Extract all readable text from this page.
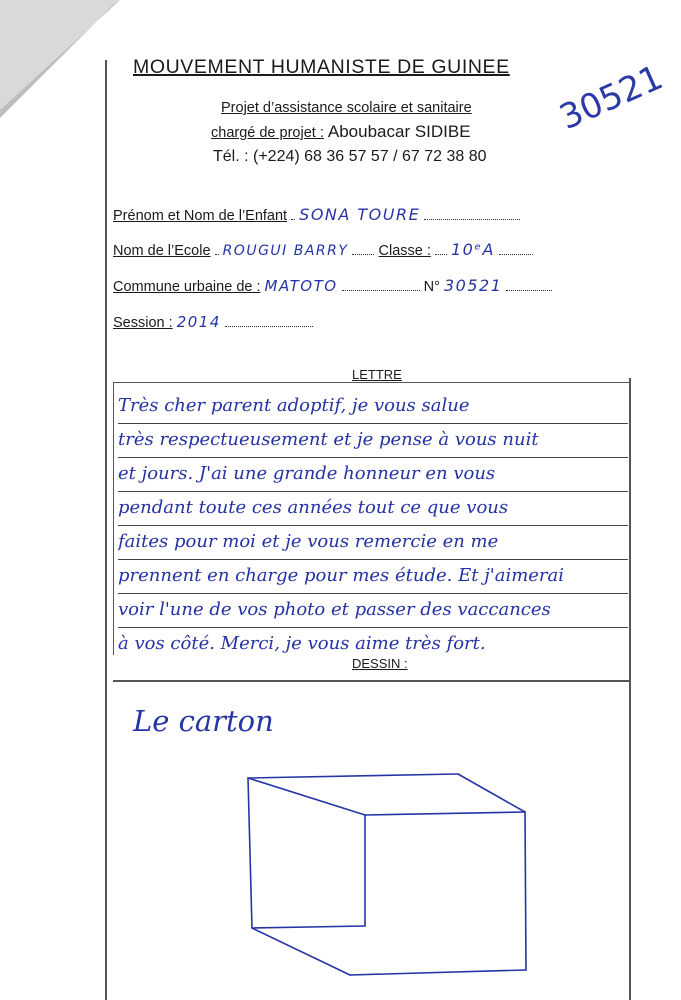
MOUVEMENT HUMANISTE DE GUINEE
Projet d’assistance scolaire et sanitaire
chargé de projet : Aboubacar SIDIBE
Tél. : (+224) 68 36 57 57 / 67 72 38 80
30521
Prénom et Nom de l’Enfant SONA TOURE
Nom de l’Ecole ROUGUI BARRY Classe : 10ᵉA
Commune urbaine de : MATOTO	N° 30521
Session : 2014
LETTRE
Très cher parent adoptif, je vous salue
très respectueusement et je pense à vous nuit
et jours. J'ai une grande honneur en vous
pendant toute ces années tout ce que vous
faites pour moi et je vous remercie en me
prennent en charge pour mes étude. Et j'aimerai
voir l'une de vos photo et passer des vaccances
à vos côté. Merci, je vous aime très fort.
DESSIN :
Le carton
